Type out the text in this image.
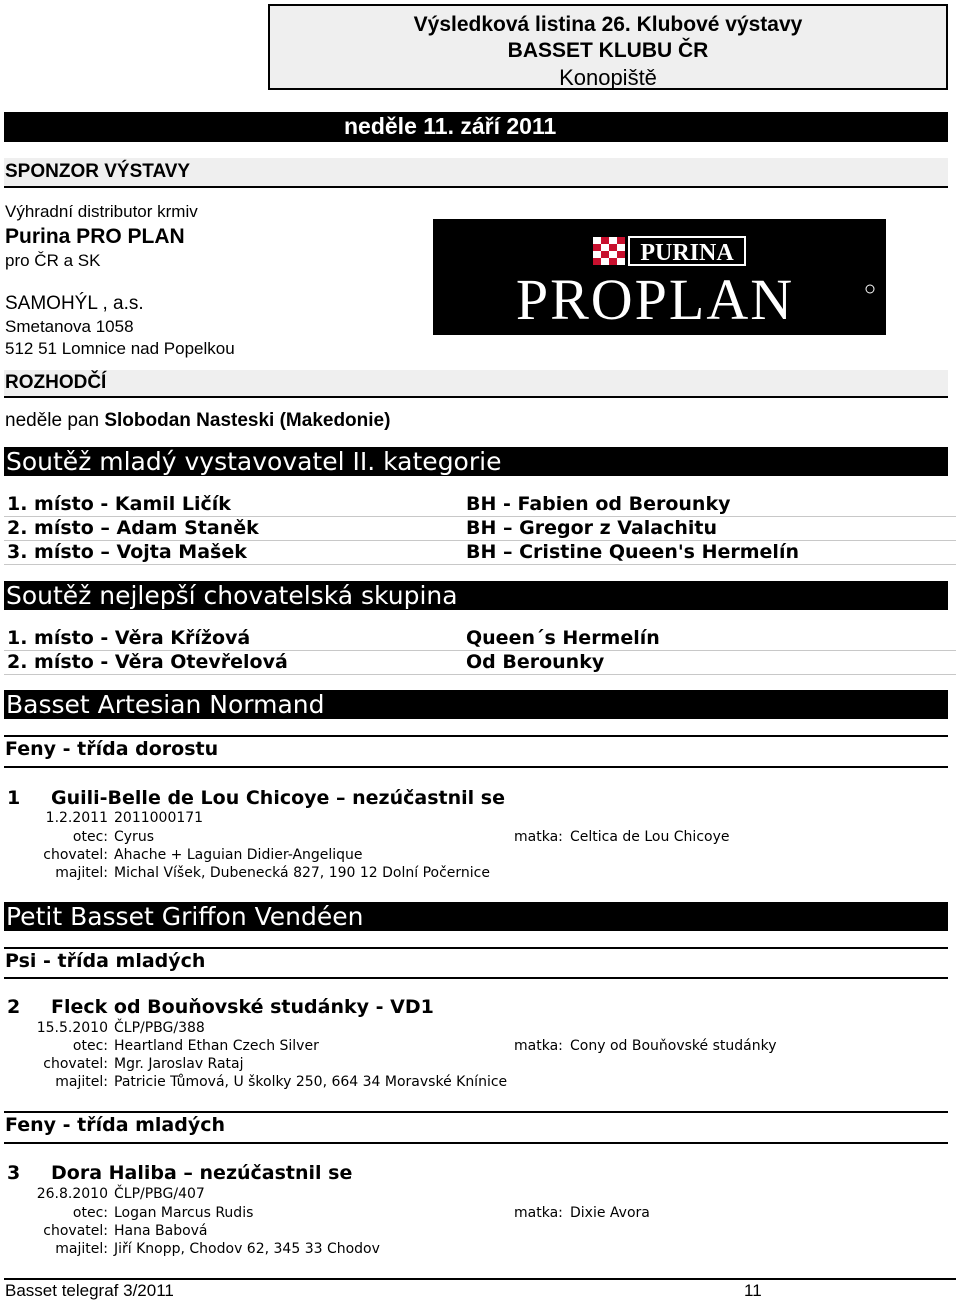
Výsledková listina 26. Klubové výstavy
BASSET KLUBU ČR
Konopiště
neděle 11. září 2011
SPONZOR VÝSTAVY
Výhradní distributor krmiv
Purina PRO PLAN
pro ČR a SK
SAMOHÝL , a.s.
Smetanova 1058
512 51 Lomnice nad Popelkou
PURINA
PROPLAN
ROZHODČÍ
neděle pan Slobodan Nasteski (Makedonie)
Soutěž mladý vystavovatel II. kategorie
1. místo - Kamil Ličík	BH - Fabien od Berounky
2. místo – Adam Staněk	BH – Gregor z Valachitu
3. místo – Vojta Mašek	BH – Cristine Queen's Hermelín
Soutěž nejlepší chovatelská skupina
1. místo - Věra Křížová	Queen´s Hermelín
2. místo - Věra Otevřelová	Od Berounky
Basset Artesian Normand
Feny - třída dorostu
1 Guili-Belle de Lou Chicoye – nezúčastnil se
1.2.2011 2011000171
otec: Cyrus	matka: Celtica de Lou Chicoye
chovatel: Ahache + Laguian Didier-Angelique
majitel: Michal Víšek, Dubenecká 827, 190 12 Dolní Počernice
Petit Basset Griffon Vendéen
Psi - třída mladých
2 Fleck od Bouňovské studánky - VD1
15.5.2010 ČLP/PBG/388
otec: Heartland Ethan Czech Silver	matka: Cony od Bouňovské studánky
chovatel: Mgr. Jaroslav Rataj
majitel: Patricie Tůmová, U školky 250, 664 34 Moravské Knínice
Feny - třída mladých
3 Dora Haliba – nezúčastnil se
26.8.2010 ČLP/PBG/407
otec: Logan Marcus Rudis	matka: Dixie Avora
chovatel: Hana Babová
majitel: Jiří Knopp, Chodov 62, 345 33 Chodov
Basset telegraf 3/2011	11
